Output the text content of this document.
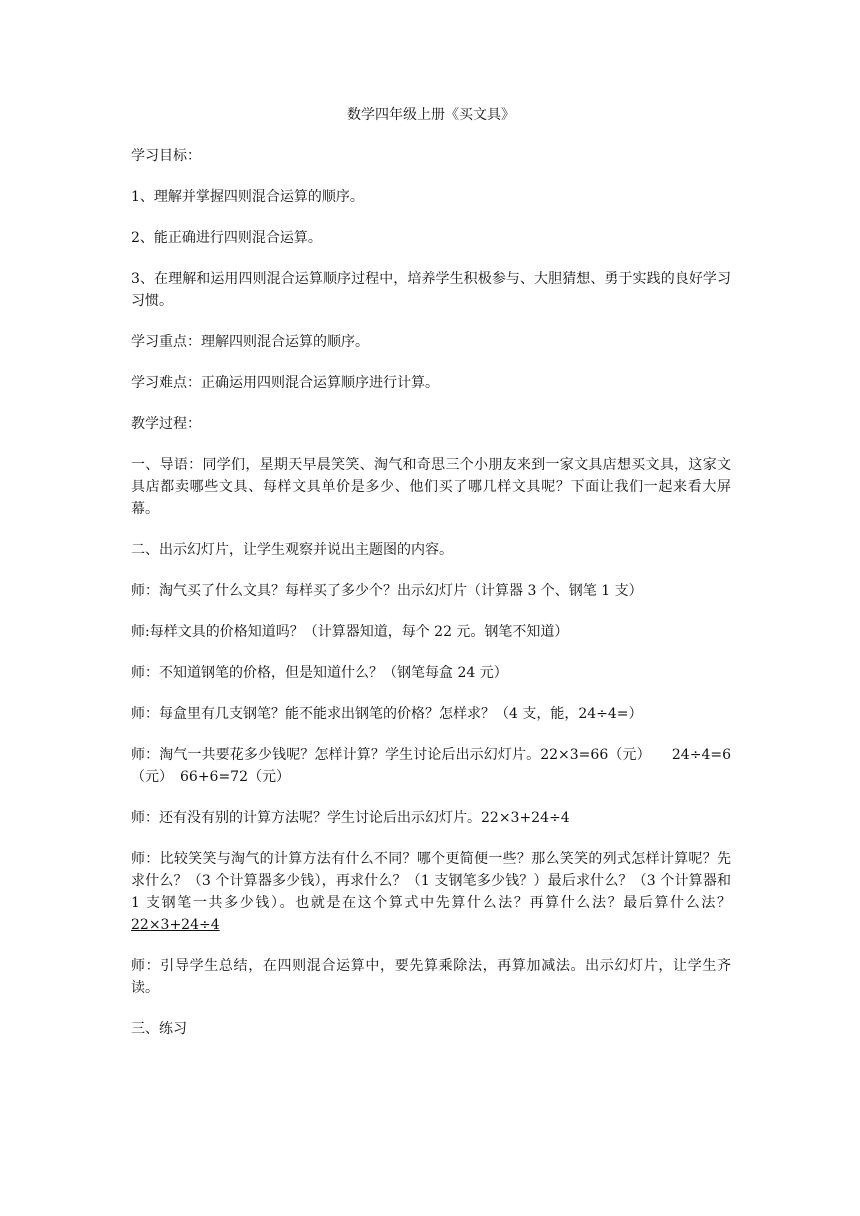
数学四年级上册《买文具》

学习目标：

1、理解并掌握四则混合运算的顺序。

2、能正确进行四则混合运算。

3、在理解和运用四则混合运算顺序过程中，培养学生积极参与、大胆猜想、勇于实践的良好学习习惯。

学习重点：理解四则混合运算的顺序。

学习难点：正确运用四则混合运算顺序进行计算。

教学过程：

一、导语：同学们，星期天早晨笑笑、淘气和奇思三个小朋友来到一家文具店想买文具，这家文具店都卖哪些文具、每样文具单价是多少、他们买了哪几样文具呢？下面让我们一起来看大屏幕。

二、出示幻灯片，让学生观察并说出主题图的内容。

师：淘气买了什么文具？每样买了多少个？出示幻灯片（计算器 3 个、钢笔 1 支）

师:每样文具的价格知道吗？（计算器知道，每个 22 元。钢笔不知道）

师：不知道钢笔的价格，但是知道什么？（钢笔每盒 24 元）

师：每盒里有几支钢笔？能不能求出钢笔的价格？怎样求？（4 支，能，24÷4=）

师：淘气一共要花多少钱呢？怎样计算？学生讨论后出示幻灯片。22×3=66（元）　　24÷4=6（元）　66+6=72（元）

师：还有没有别的计算方法呢？学生讨论后出示幻灯片。22×3+24÷4

师：比较笑笑与淘气的计算方法有什么不同？哪个更简便一些？那么笑笑的列式怎样计算呢？先求什么？（3 个计算器多少钱），再求什么？（1 支钢笔多少钱？）最后求什么？（3 个计算器和 1 支钢笔一共多少钱）。也就是在这个算式中先算什么法？再算什么法？最后算什么法？22×3+24÷4

师：引导学生总结，在四则混合运算中，要先算乘除法，再算加减法。出示幻灯片，让学生齐读。

三、练习
